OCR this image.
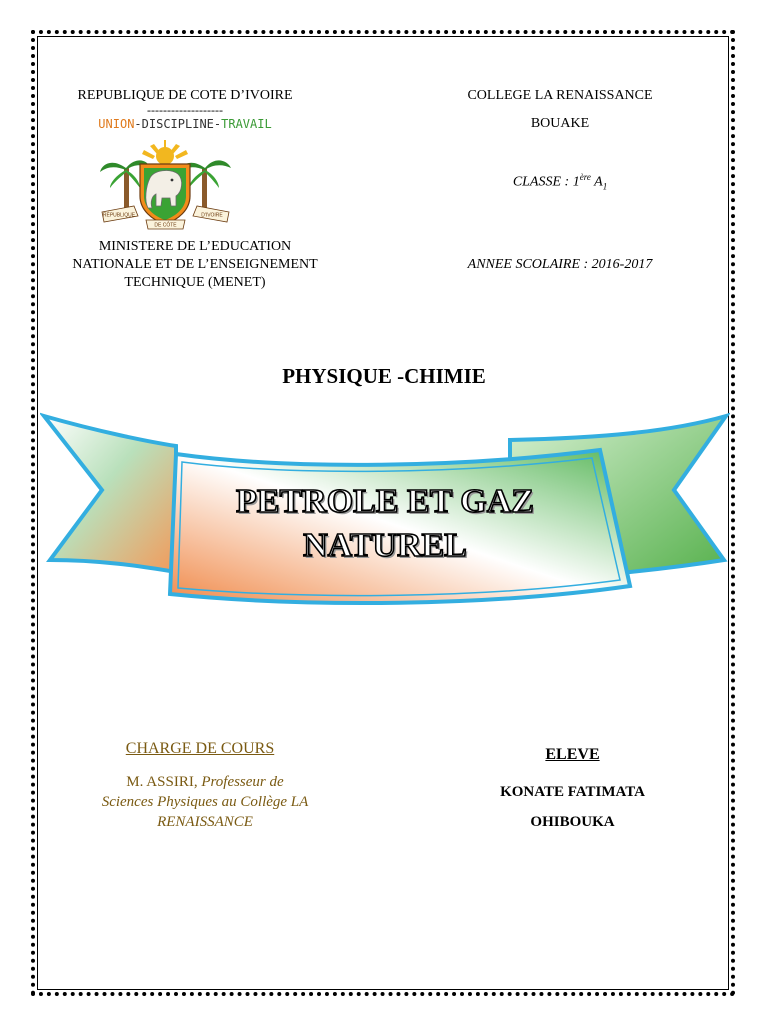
REPUBLIQUE DE COTE D’IVOIRE
-------------------
UNION-DISCIPLINE-TRAVAIL
RÉPUBLIQUE	D'IVOIRE
DE CÔTE
MINISTERE DE L’EDUCATION
NATIONALE ET DE L’ENSEIGNEMENT
TECHNIQUE (MENET)
COLLEGE LA RENAISSANCE
BOUAKE
CLASSE : 1ère $A_1$
ANNEE SCOLAIRE : 2016-2017
PHYSIQUE -CHIMIE
PETROLE ET GAZ
NATUREL
CHARGE DE COURS
M. ASSIRI, Professeur de
Sciences Physiques au Collège LA
RENAISSANCE
ELEVE
KONATE FATIMATA
OHIBOUKA
